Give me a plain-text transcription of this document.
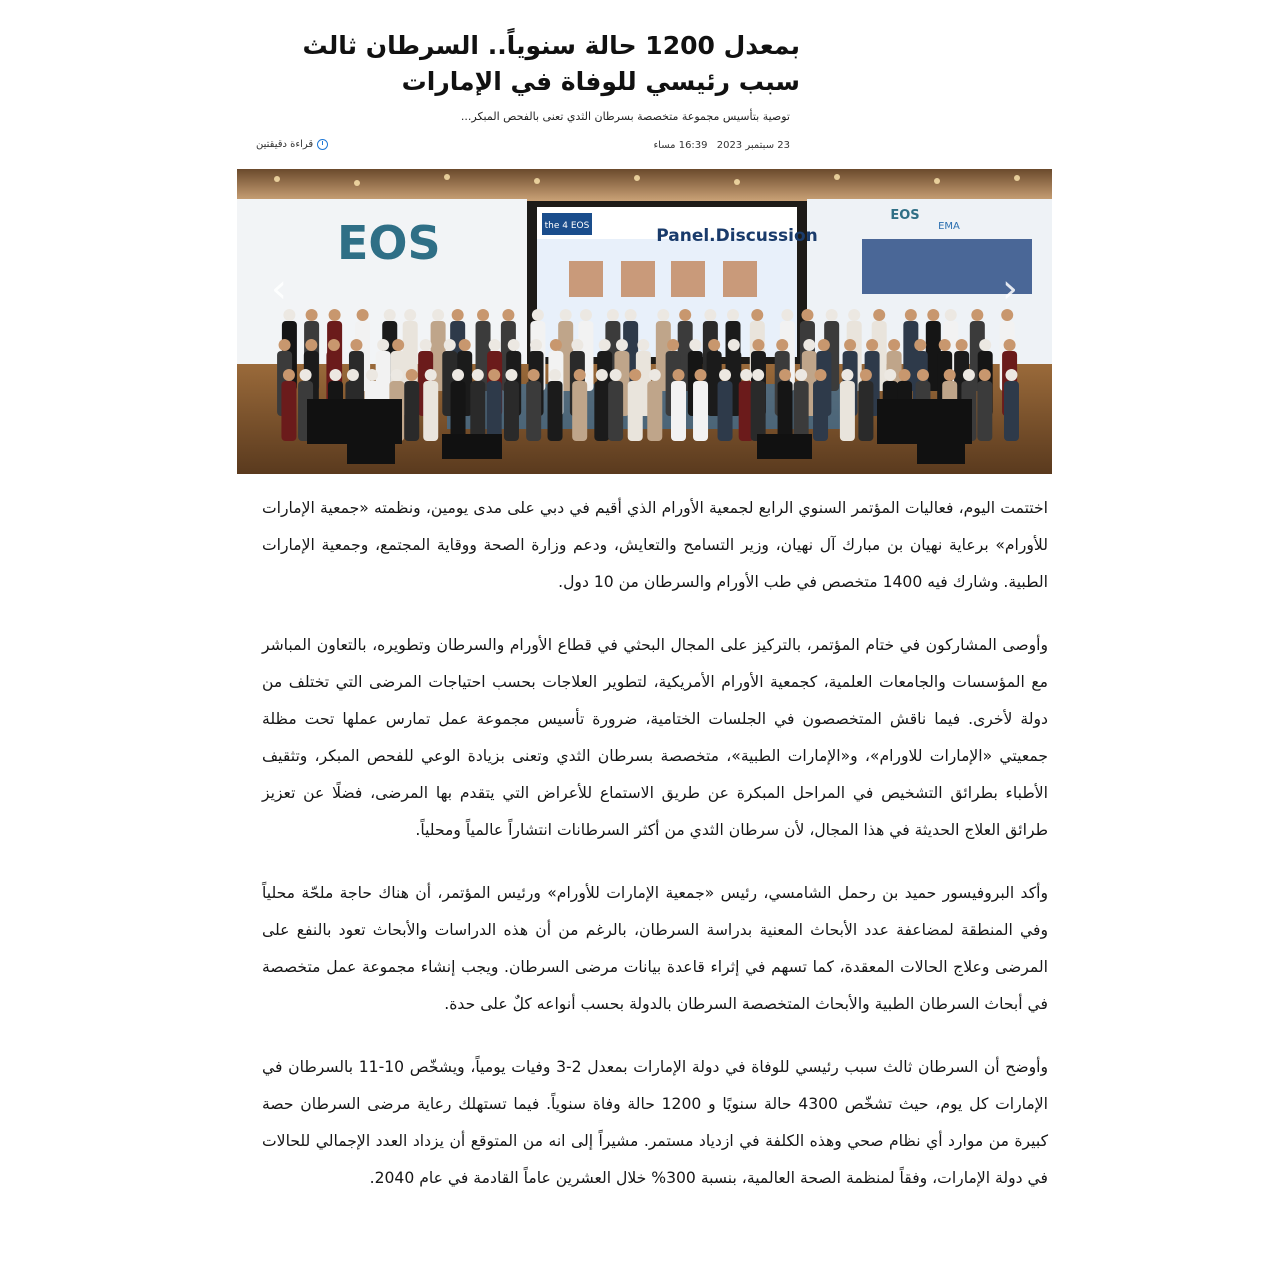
بمعدل 1200 حالة سنوياً.. السرطان ثالث سبب رئيسي للوفاة في الإمارات

توصية بتأسيس مجموعة متخصصة بسرطان الثدي تعنى بالفحص المبكر...

23 سبتمبر 2023 16:39 مساء
قراءة دقيقتين
EOS	the 4 EOS	Panel.Discussion
EOS
EMA
‹	›

اختتمت اليوم، فعاليات المؤتمر السنوي الرابع لجمعية الأورام الذي أقيم في دبي على مدى يومين، ونظمته «جمعية الإمارات للأورام» برعاية نهيان بن مبارك آل نهيان، وزير التسامح والتعايش، ودعم وزارة الصحة ووقاية المجتمع، وجمعية الإمارات الطبية. وشارك فيه 1400 متخصص في طب الأورام والسرطان من 10 دول.

وأوصى المشاركون في ختام المؤتمر، بالتركيز على المجال البحثي في قطاع الأورام والسرطان وتطويره، بالتعاون المباشر مع المؤسسات والجامعات العلمية، كجمعية الأورام الأمريكية، لتطوير العلاجات بحسب احتياجات المرضى التي تختلف من دولة لأخرى. فيما ناقش المتخصصون في الجلسات الختامية، ضرورة تأسيس مجموعة عمل تمارس عملها تحت مظلة جمعيتي «الإمارات للاورام»، و«الإمارات الطبية»، متخصصة بسرطان الثدي وتعنى بزيادة الوعي للفحص المبكر، وتثقيف الأطباء بطرائق التشخيص في المراحل المبكرة عن طريق الاستماع للأعراض التي يتقدم بها المرضى، فضلًا عن تعزيز طرائق العلاج الحديثة في هذا المجال، لأن سرطان الثدي من أكثر السرطانات انتشاراً عالمياً ومحلياً.

وأكد البروفيسور حميد بن رحمل الشامسي، رئيس «جمعية الإمارات للأورام» ورئيس المؤتمر، أن هناك حاجة ملحّة محلياً وفي المنطقة لمضاعفة عدد الأبحاث المعنية بدراسة السرطان، بالرغم من أن هذه الدراسات والأبحاث تعود بالنفع على المرضى وعلاج الحالات المعقدة، كما تسهم في إثراء قاعدة بيانات مرضى السرطان. ويجب إنشاء مجموعة عمل متخصصة في أبحاث السرطان الطبية والأبحاث المتخصصة السرطان بالدولة بحسب أنواعه كلٌ على حدة.

وأوضح أن السرطان ثالث سبب رئيسي للوفاة في دولة الإمارات بمعدل 2-3 وفيات يومياً، ويشخّص 10-11 بالسرطان في الإمارات كل يوم، حيث تشخّص 4300 حالة سنويًا و 1200 حالة وفاة سنوياً. فيما تستهلك رعاية مرضى السرطان حصة كبيرة من موارد أي نظام صحي وهذه الكلفة في ازدياد مستمر. مشيراً إلى انه من المتوقع أن يزداد العدد الإجمالي للحالات في دولة الإمارات، وفقاً لمنظمة الصحة العالمية، بنسبة 300% خلال العشرين عاماً القادمة في عام 2040.
